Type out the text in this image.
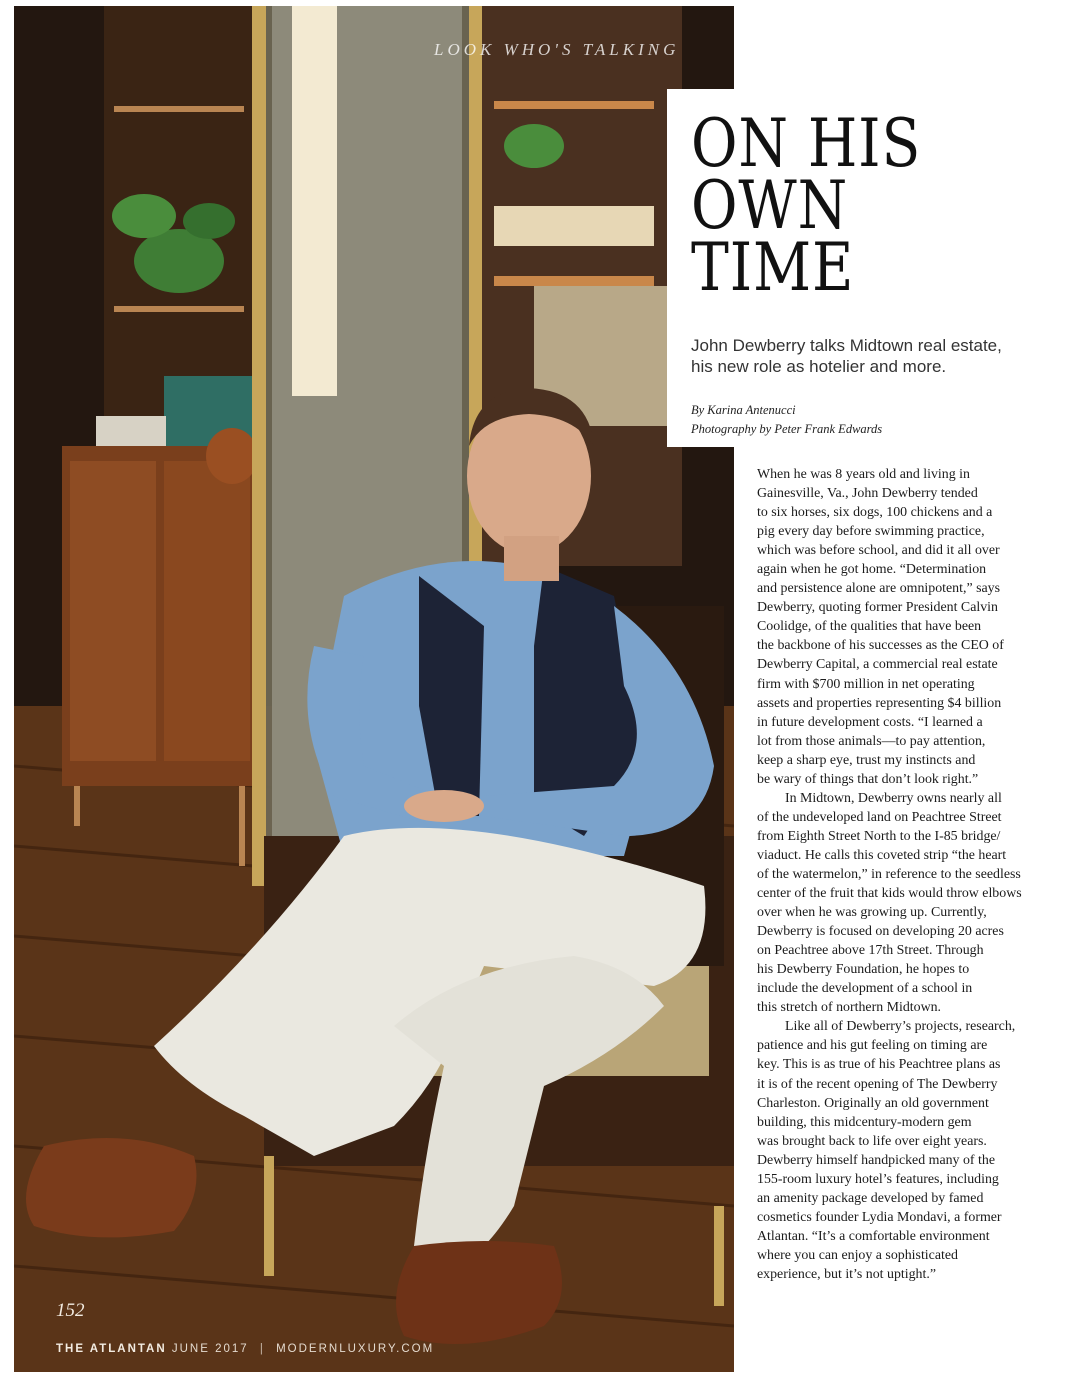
LOOK WHO'S TALKING
152
THE ATLANTAN JUNE 2017 | MODERNLUXURY.COM
ON HIS
OWN
TIME
John Dewberry talks Midtown real estate,
his new role as hotelier and more.
By Karina Antenucci
Photography by Peter Frank Edwards
When he was 8 years old and living in
Gainesville, Va., John Dewberry tended
to six horses, six dogs, 100 chickens and a
pig every day before swimming practice,
which was before school, and did it all over
again when he got home. “Determination
and persistence alone are omnipotent,” says
Dewberry, quoting former President Calvin
Coolidge, of the qualities that have been
the backbone of his successes as the CEO of
Dewberry Capital, a commercial real estate
firm with $700 million in net operating
assets and properties representing $4 billion
in future development costs. “I learned a
lot from those animals—to pay attention,
keep a sharp eye, trust my instincts and
be wary of things that don’t look right.”
In Midtown, Dewberry owns nearly all
of the undeveloped land on Peachtree Street
from Eighth Street North to the I-85 bridge/
viaduct. He calls this coveted strip “the heart
of the watermelon,” in reference to the seedless
center of the fruit that kids would throw elbows
over when he was growing up. Currently,
Dewberry is focused on developing 20 acres
on Peachtree above 17th Street. Through
his Dewberry Foundation, he hopes to
include the development of a school in
this stretch of northern Midtown.
Like all of Dewberry’s projects, research,
patience and his gut feeling on timing are
key. This is as true of his Peachtree plans as
it is of the recent opening of The Dewberry
Charleston. Originally an old government
building, this midcentury-modern gem
was brought back to life over eight years.
Dewberry himself handpicked many of the
155-room luxury hotel’s features, including
an amenity package developed by famed
cosmetics founder Lydia Mondavi, a former
Atlantan. “It’s a comfortable environment
where you can enjoy a sophisticated
experience, but it’s not uptight.”
